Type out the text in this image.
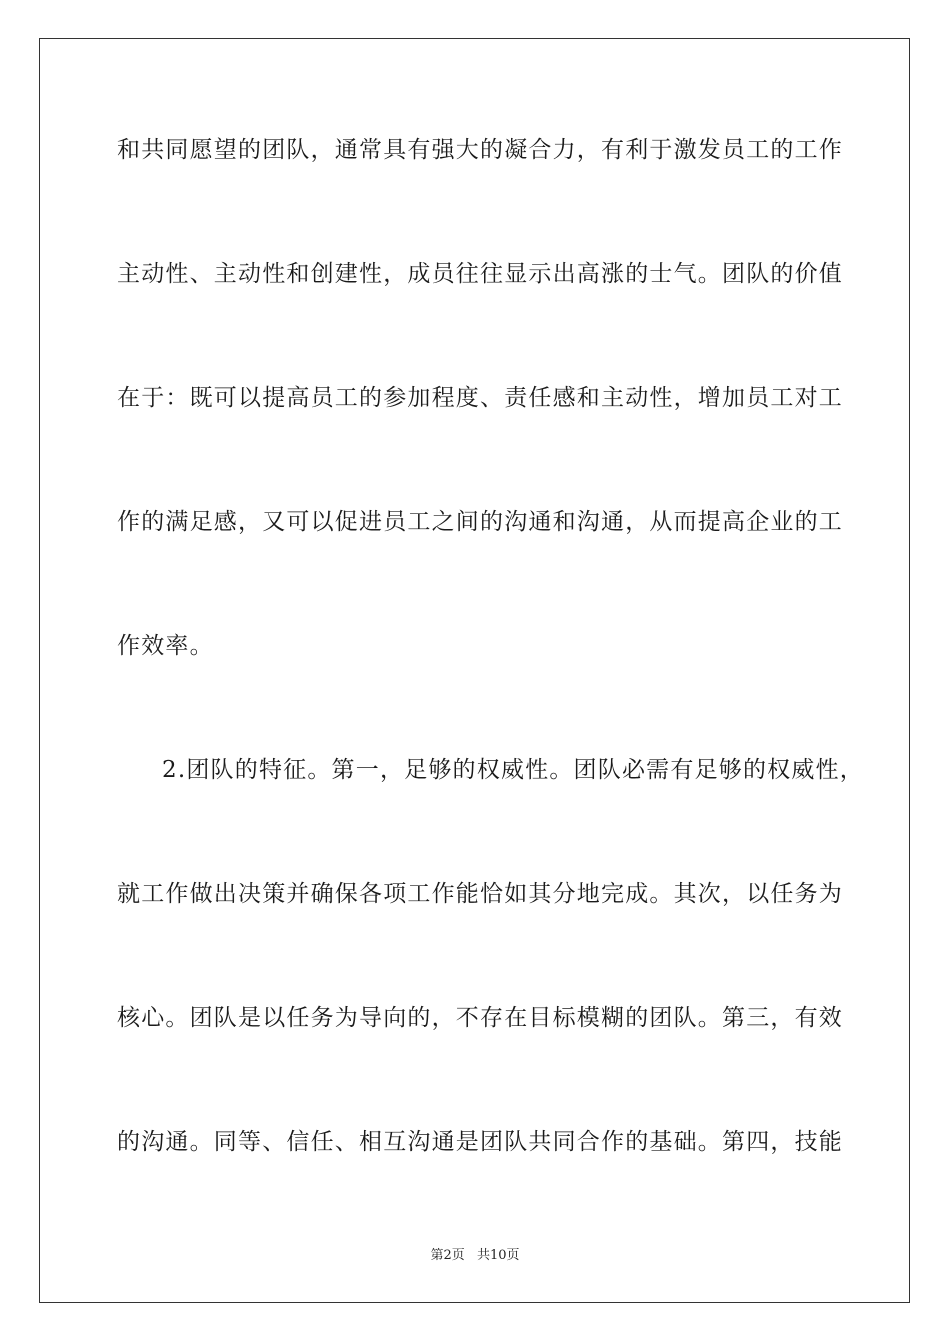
和共同愿望的团队，通常具有强大的凝合力，有利于激发员工的工作
主动性、主动性和创建性，成员往往显示出高涨的士气。团队的价值
在于：既可以提高员工的参加程度、责任感和主动性，增加员工对工
作的满足感，又可以促进员工之间的沟通和沟通，从而提高企业的工
作效率。
2.团队的特征。第一，足够的权威性。团队必需有足够的权威性，
就工作做出决策并确保各项工作能恰如其分地完成。其次，以任务为
核心。团队是以任务为导向的，不存在目标模糊的团队。第三，有效
的沟通。同等、信任、相互沟通是团队共同合作的基础。第四，技能
第2页 共10页
